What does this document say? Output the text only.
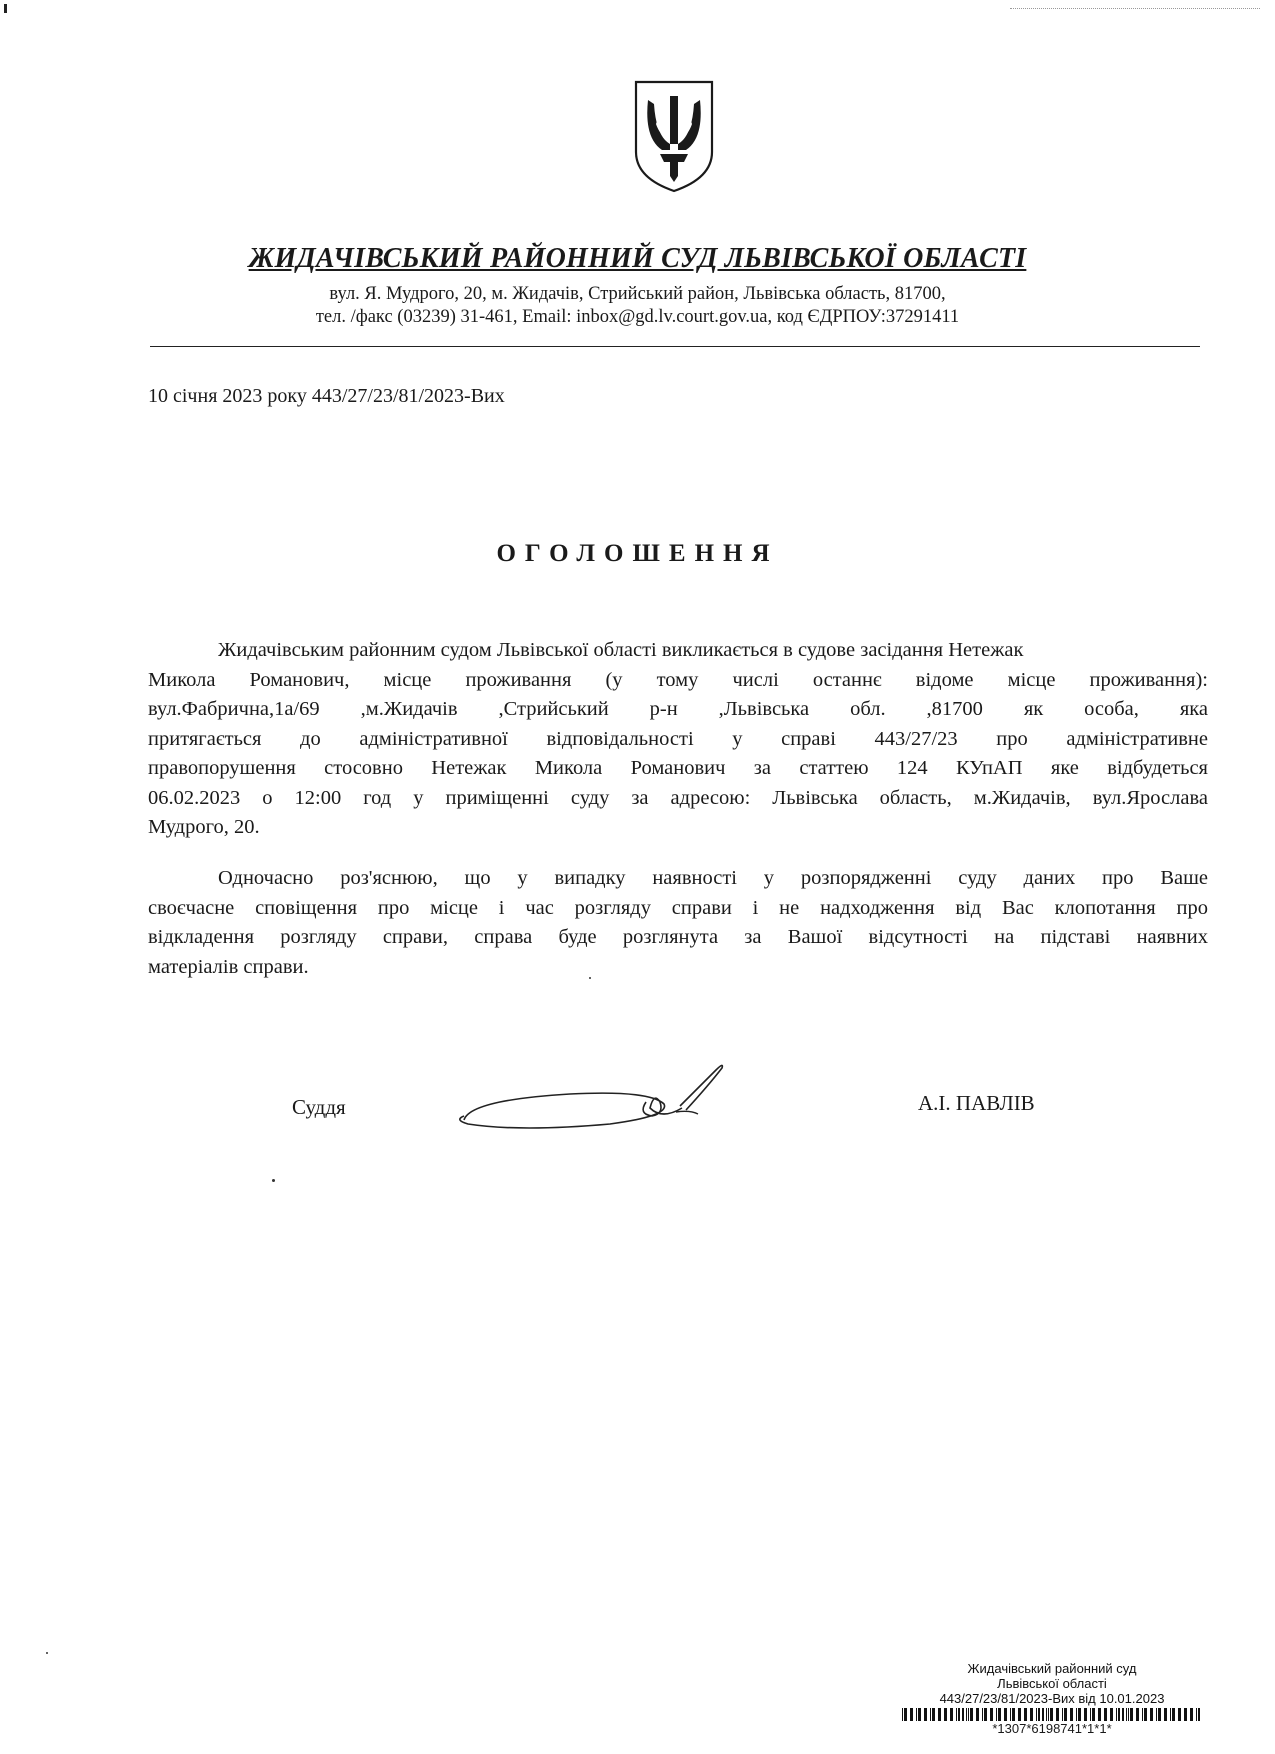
ЖИДАЧІВСЬКИЙ РАЙОННИЙ СУД ЛЬВІВСЬКОЇ ОБЛАСТІ
вул. Я. Мудрого, 20, м. Жидачів, Стрийський район, Львівська область, 81700,
тел. /факс (03239) 31-461, Email: inbox@gd.lv.court.gov.ua, код ЄДРПОУ:37291411
10 січня 2023 року 443/27/23/81/2023-Вих
ОГОЛОШЕННЯ
Жидачівським районним судом Львівської області викликається в судове засідання Нетежак
Микола Романович, місце проживання (у тому числі останнє відоме місце проживання):
вул.Фабрична,1а/69 ,м.Жидачів ,Стрийський р-н ,Львівська обл. ,81700 як особа, яка
притягається до адміністративної відповідальності у справі 443/27/23 про адміністративне
правопорушення стосовно Нетежак Микола Романович за статтею 124 КУпАП яке відбудеться
06.02.2023 о 12:00 год у приміщенні суду за адресою: Львівська область, м.Жидачів, вул.Ярослава
Мудрого, 20.
Одночасно роз'яснюю, що у випадку наявності у розпорядженні суду даних про Ваше
своєчасне сповіщення про місце і час розгляду справи і не надходження від Вас клопотання про
відкладення розгляду справи, справа буде розглянута за Вашої відсутності на підставі наявних
матеріалів справи.
Суддя	А.І. ПАВЛІВ
Жидачівський районний суд
Львівської області
443/27/23/81/2023-Вих від 10.01.2023
*1307*6198741*1*1*
